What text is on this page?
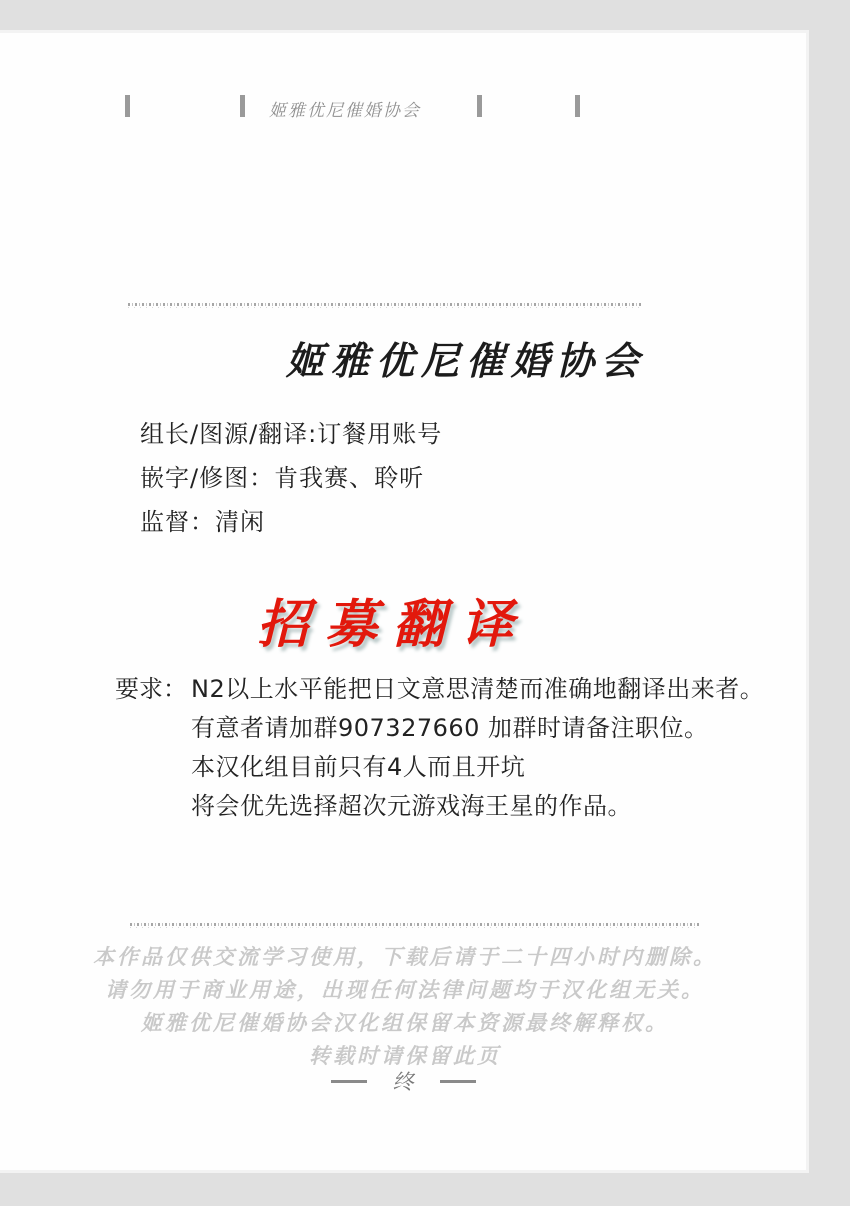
姬雅优尼催婚协会
姬雅优尼催婚协会
组长/图源/翻译:订餐用账号
嵌字/修图：肯我赛、聆听
监督：清闲
招募翻译
要求： N2以上水平能把日文意思清楚而准确地翻译出来者。
有意者请加群907327660 加群时请备注职位。
本汉化组目前只有4人而且开坑
将会优先选择超次元游戏海王星的作品。
本作品仅供交流学习使用，下载后请于二十四小时内删除。
请勿用于商业用途，出现任何法律问题均于汉化组无关。
姬雅优尼催婚协会汉化组保留本资源最终解释权。
转载时请保留此页
终
